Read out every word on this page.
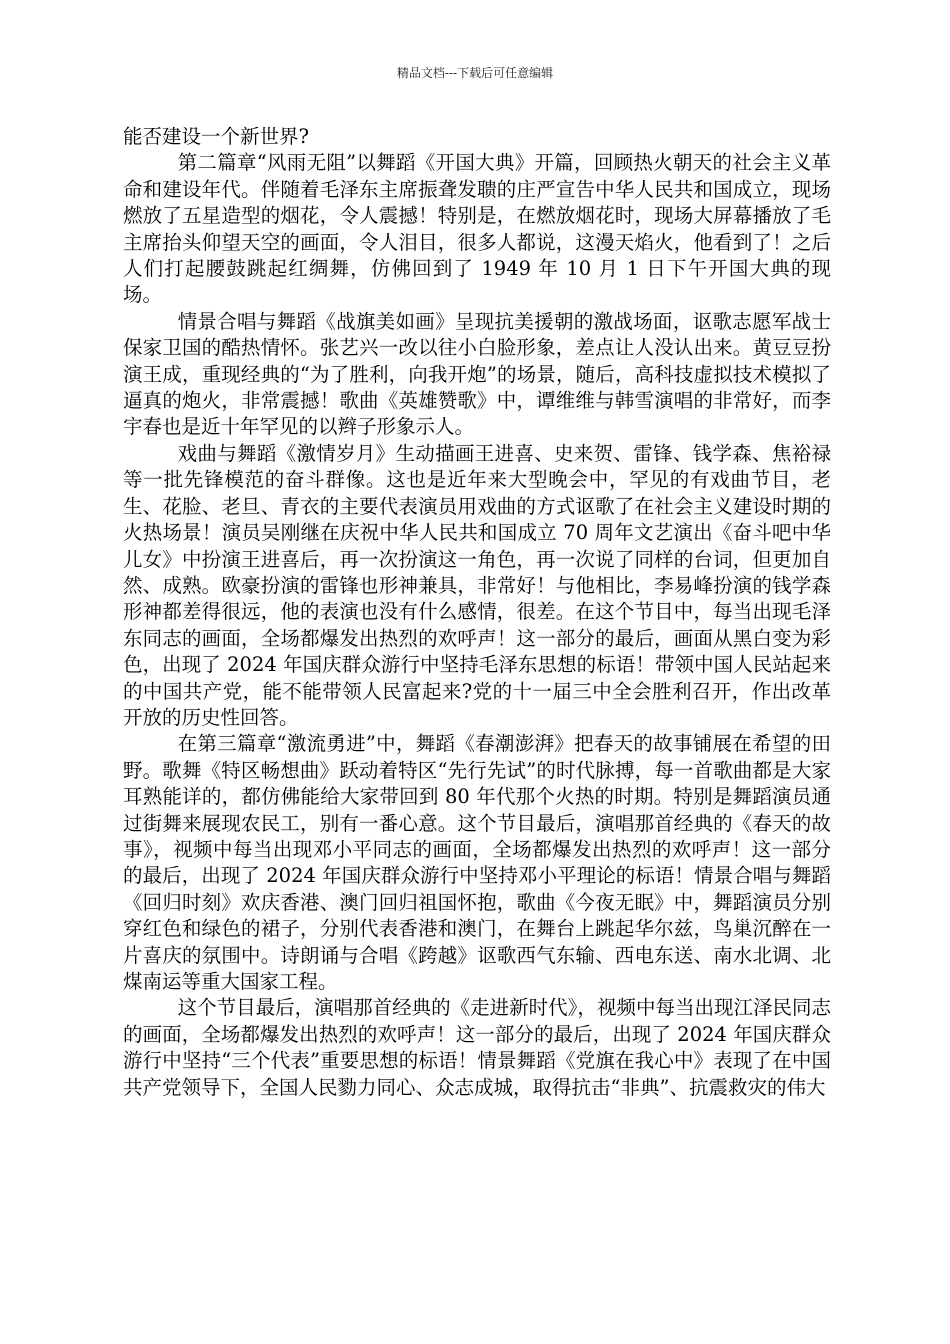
精品文档---下载后可任意编辑

能否建设一个新世界?

第二篇章“风雨无阻”以舞蹈《开国大典》开篇，回顾热火朝天的社会主义革命和建设年代。伴随着毛泽东主席振聋发聩的庄严宣告中华人民共和国成立，现场燃放了五星造型的烟花，令人震撼！特别是，在燃放烟花时，现场大屏幕播放了毛主席抬头仰望天空的画面，令人泪目，很多人都说，这漫天焰火，他看到了！之后人们打起腰鼓跳起红绸舞，仿佛回到了 1949 年 10 月 1 日下午开国大典的现场。

情景合唱与舞蹈《战旗美如画》呈现抗美援朝的激战场面，讴歌志愿军战士保家卫国的酷热情怀。张艺兴一改以往小白脸形象，差点让人没认出来。黄豆豆扮演王成，重现经典的“为了胜利，向我开炮”的场景，随后，高科技虚拟技术模拟了逼真的炮火，非常震撼！歌曲《英雄赞歌》中，谭维维与韩雪演唱的非常好，而李宇春也是近十年罕见的以辫子形象示人。

戏曲与舞蹈《激情岁月》生动描画王进喜、史来贺、雷锋、钱学森、焦裕禄等一批先锋模范的奋斗群像。这也是近年来大型晚会中，罕见的有戏曲节目，老生、花脸、老旦、青衣的主要代表演员用戏曲的方式讴歌了在社会主义建设时期的火热场景！演员吴刚继在庆祝中华人民共和国成立 70 周年文艺演出《奋斗吧中华儿女》中扮演王进喜后，再一次扮演这一角色，再一次说了同样的台词，但更加自然、成熟。欧豪扮演的雷锋也形神兼具，非常好！与他相比，李易峰扮演的钱学森形神都差得很远，他的表演也没有什么感情，很差。在这个节目中，每当出现毛泽东同志的画面，全场都爆发出热烈的欢呼声！这一部分的最后，画面从黑白变为彩色，出现了 2024 年国庆群众游行中坚持毛泽东思想的标语！带领中国人民站起来的中国共产党，能不能带领人民富起来?党的十一届三中全会胜利召开，作出改革开放的历史性回答。

在第三篇章“激流勇进”中，舞蹈《春潮澎湃》把春天的故事铺展在希望的田野。歌舞《特区畅想曲》跃动着特区“先行先试”的时代脉搏，每一首歌曲都是大家耳熟能详的，都仿佛能给大家带回到 80 年代那个火热的时期。特别是舞蹈演员通过街舞来展现农民工，别有一番心意。这个节目最后，演唱那首经典的《春天的故事》，视频中每当出现邓小平同志的画面，全场都爆发出热烈的欢呼声！这一部分的最后，出现了 2024 年国庆群众游行中坚持邓小平理论的标语！情景合唱与舞蹈《回归时刻》欢庆香港、澳门回归祖国怀抱，歌曲《今夜无眠》中，舞蹈演员分别穿红色和绿色的裙子，分别代表香港和澳门，在舞台上跳起华尔兹，鸟巢沉醉在一片喜庆的氛围中。诗朗诵与合唱《跨越》讴歌西气东输、西电东送、南水北调、北煤南运等重大国家工程。

这个节目最后，演唱那首经典的《走进新时代》，视频中每当出现江泽民同志的画面，全场都爆发出热烈的欢呼声！这一部分的最后，出现了 2024 年国庆群众游行中坚持“三个代表”重要思想的标语！情景舞蹈《党旗在我心中》表现了在中国共产党领导下，全国人民勠力同心、众志成城，取得抗击“非典”、抗震救灾的伟大
